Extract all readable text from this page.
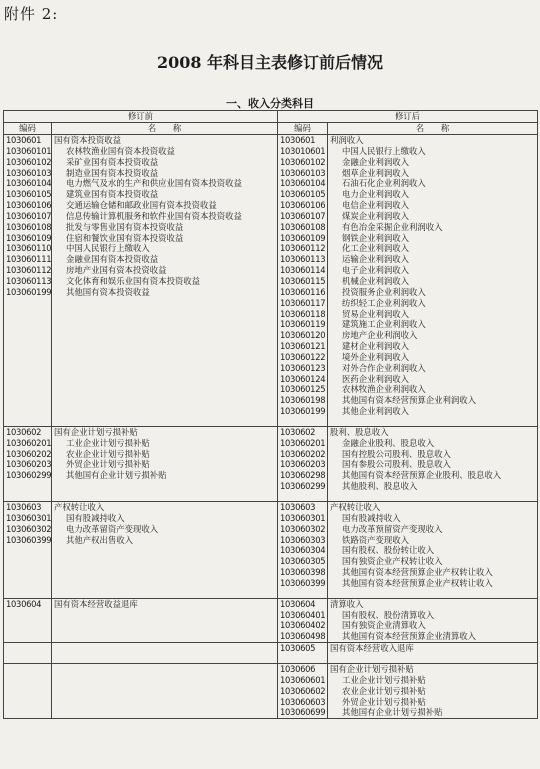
附件 2:
2008 年科目主表修订前后情况
一、收入分类科目
修订前		修订后	
编码	名　　称	编码	名　　称
1030601	国有资本投资收益	1030601	利润收入
103060101	农林牧渔业国有资本投资收益	103010601	中国人民银行上缴收入
103060102	采矿业国有资本投资收益	103060102	金融企业利润收入
103060103	制造业国有资本投资收益	103060103	烟草企业利润收入
103060104	电力燃气及水的生产和供应业国有资本投资收益	103060104	石油石化企业利润收入
103060105	建筑业国有资本投资收益	103060105	电力企业利润收入
103060106	交通运输仓储和邮政业国有资本投资收益	103060106	电信企业利润收入
103060107	信息传输计算机服务和软件业国有资本投资收益	103060107	煤炭企业利润收入
103060108	批发与零售业国有资本投资收益	103060108	有色冶金采掘企业利润收入
103060109	住宿和餐饮业国有资本投资收益	103060109	钢铁企业利润收入
103060110	中国人民银行上缴收入	103060112	化工企业利润收入
103060111	金融业国有资本投资收益	103060113	运输企业利润收入
103060112	房地产业国有资本投资收益	103060114	电子企业利润收入
103060113	文化体育和娱乐业国有资本投资收益	103060115	机械企业利润收入
103060199	其他国有资本投资收益	103060116	投资服务企业利润收入
		103060117	纺织轻工企业利润收入
		103060118	贸易企业利润收入
		103060119	建筑施工企业利润收入
		103060120	房地产企业利润收入
		103060121	建材企业利润收入
		103060122	境外企业利润收入
		103060123	对外合作企业利润收入
		103060124	医药企业利润收入
		103060125	农林牧渔企业利润收入
		103060198	其他国有资本经营预算企业利润收入
		103060199	其他企业利润收入

1030602	国有企业计划亏损补贴	1030602	股利、股息收入
103060201	工业企业计划亏损补贴	103060201	金融企业股利、股息收入
103060202	农业企业计划亏损补贴	103060202	国有控股公司股利、股息收入
103060203	外贸企业计划亏损补贴	103060203	国有参股公司股利、股息收入
103060299	其他国有企业计划亏损补贴	103060298	其他国有资本经营预算企业股利、股息收入
		103060299	其他股利、股息收入

1030603	产权转让收入	1030603	产权转让收入
103060301	国有股减持收入	103060301	国有股减持收入
103060302	电力改革留资产变现收入	103060302	电力改革预留资产变现收入
103060399	其他产权出售收入	103060303	铁路资产变现收入
		103060304	国有股权、股份转让收入
		103060305	国有独资企业产权转让收入
		103060398	其他国有资本经营预算企业产权转让收入
		103060399	其他国有资本经营预算企业产权转让收入

1030604	国有资本经营收益退库	1030604	清算收入
		103060401	国有股权、股份清算收入
		103060402	国有独资企业清算收入
		103060498	其他国有资本经营预算企业清算收入
		1030605	国有资本经营收入退库

		1030606	国有企业计划亏损补贴
		103060601	工业企业计划亏损补贴
		103060602	农业企业计划亏损补贴
		103060603	外贸企业计划亏损补贴
		103060699	其他国有企业计划亏损补贴
